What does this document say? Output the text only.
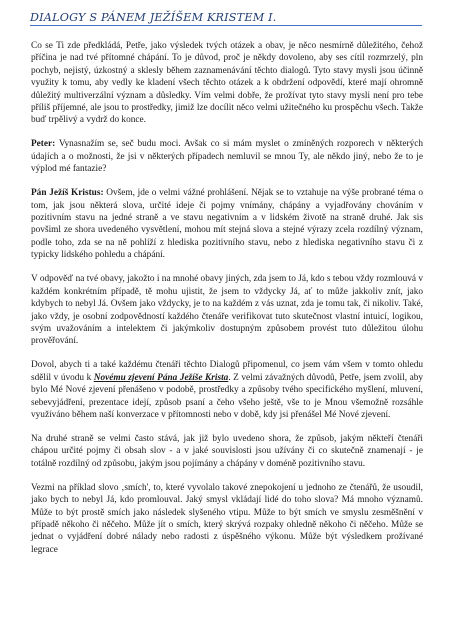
DIALOGY S PÁNEM JEŽÍŠEM KRISTEM I.

Co se Ti zde předkládá, Petře, jako výsledek tvých otázek a obav, je něco nesmírně důležitého, čehož příčina je nad tvé přítomné chápání. To je důvod, proč je někdy dovoleno, aby ses cítil rozmrzelý, pln pochyb, nejistý, úzkostný a sklesly během zaznamenávání těchto dialogů. Tyto stavy mysli jsou účinně využity k tomu, aby vedly ke kladení všech těchto otázek a k obdržení odpovědí, které mají ohromně důležitý multiverzální význam a důsledky. Vím velmi dobře, že prožívat tyto stavy mysli není pro tebe příliš příjemné, ale jsou to prostředky, jimiž lze docílit něco velmi užitečného ku prospěchu všech. Takže buď trpělivý a vydrž do konce.

Peter: Vynasnažím se, seč budu moci. Avšak co si mám myslet o zmíněných rozporech v některých údajích a o možnosti, že jsi v některých případech nemluvil se mnou Ty, ale někdo jiný, nebo že to je výplod mé fantazie?

Pán Ježíš Kristus: Ovšem, jde o velmi vážné prohlášení. Nějak se to vztahuje na výše probrané téma o tom, jak jsou některá slova, určité ideje či pojmy vnímány, chápány a vyjadřovány chováním v pozitivním stavu na jedné straně a ve stavu negativním a v lidském životě na straně druhé. Jak sis povšiml ze shora uvedeného vysvětlení, mohou mít stejná slova a stejné výrazy zcela rozdílný význam, podle toho, zda se na ně pohlíží z hlediska pozitivního stavu, nebo z hlediska negativního stavu či z typicky lidského pohledu a chápání.

V odpověď na tvé obavy, jakožto i na mnohé obavy jiných, zda jsem to Já, kdo s tebou vždy rozmlouvá v každém konkrétním případě, tě mohu ujistit, že jsem to vždycky Já, ať to může jakkoliv znít, jako kdybych to nebyl Já. Ovšem jako vždycky, je to na každém z vás uznat, zda je tomu tak, či nikoliv. Také, jako vždy, je osobní zodpovědností každého čtenáře verifikovat tuto skutečnost vlastní intuicí, logikou, svým uvažováním a intelektem či jakýmkoliv dostupným způsobem provést tuto důležitou úlohu prověřování.

Dovol, abych ti a také každému čtenáři těchto Dialogů připomenul, co jsem vám všem v tomto ohledu sdělil v úvodu k Novému zjevení Pána Ježíše Krista. Z velmi závažných důvodů, Petře, jsem zvolil, aby bylo Mé Nové zjevení přenášeno v podobě, prostředky a způsoby tvého specifického myšlení, mluvení, sebevyjádření, prezentace idejí, způsob psaní a čeho všeho ještě, vše to je Mnou všemožně rozsáhle využíváno během naší konverzace v přítomnosti nebo v době, kdy jsi přenášel Mé Nové zjevení.

Na druhé straně se velmi často stává, jak již bylo uvedeno shora, že způsob, jakým někteří čtenáři chápou určité pojmy či obsah slov - a v jaké souvislosti jsou užívány či co skutečně znamenají - je totálně rozdílný od způsobu, jakým jsou pojímány a chápány v doméně pozitivního stavu.

Vezmi na příklad slovo ‚smích', to, které vyvolalo takové znepokojení u jednoho ze čtenářů, že usoudil, jako bych to nebyl Já, kdo promlouval. Jaký smysl vkládají lidé do toho slova? Má mnoho významů. Může to být prostě smích jako následek slyšeného vtipu. Může to být smích ve smyslu zesměšnění v případě někoho či něčeho. Může jít o smích, který skrývá rozpaky ohledně někoho či něčeho. Může se jednat o vyjádření dobré nálady nebo radosti z úspěšného výkonu. Může být výsledkem prožívané legrace
